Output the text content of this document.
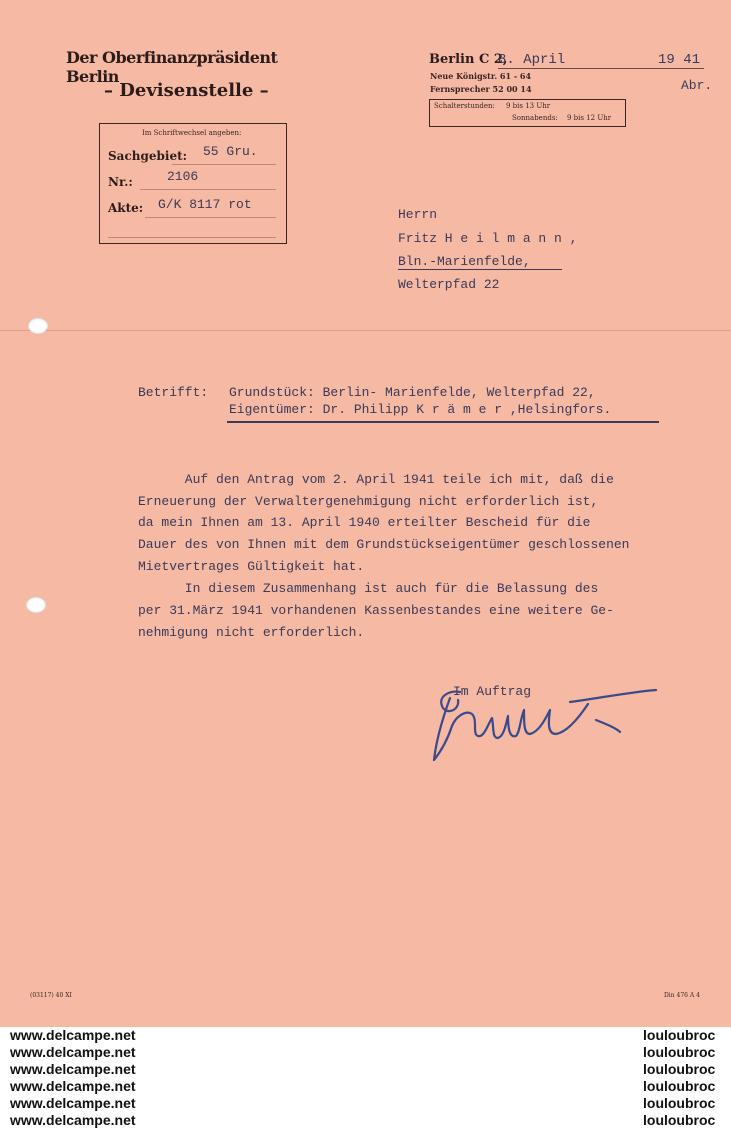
Der Oberfinanzpräsident Berlin
– Devisenstelle –
Berlin C 2,
8. April	19 41
Neue Königstr. 61 - 64
Fernsprecher 52 00 14	Abr.
Schalterstunden: 9 bis 13 Uhr
Sonnabends: 9 bis 12 Uhr
Im Schriftwechsel angeben:
Sachgebiet: 55 Gru.
Nr.:	2106
Akte: G/K 8117 rot
Herrn
Fritz H e i l m a n n ,
Bln.-Marienfelde,
Welterpfad 22
Betrifft: Grundstück: Berlin- Marienfelde, Welterpfad 22,
Eigentümer: Dr. Philipp K r ä m e r ,Helsingfors.
Auf den Antrag vom 2. April 1941 teile ich mit, daß die
Erneuerung der Verwaltergenehmigung nicht erforderlich ist,
da mein Ihnen am 13. April 1940 erteilter Bescheid für die
Dauer des von Ihnen mit dem Grundstückseigentümer geschlossenen
Mietvertrages Gültigkeit hat.
In diesem Zusammenhang ist auch für die Belassung des
per 31.März 1941 vorhandenen Kassenbestandes eine weitere Ge-
nehmigung nicht erforderlich.
Im Auftrag
(03117) 40 XI	Din 476 A 4
www.delcampe.net	louloubroc
www.delcampe.net	louloubroc
www.delcampe.net	louloubroc
www.delcampe.net	louloubroc
www.delcampe.net	louloubroc
www.delcampe.net	louloubroc
